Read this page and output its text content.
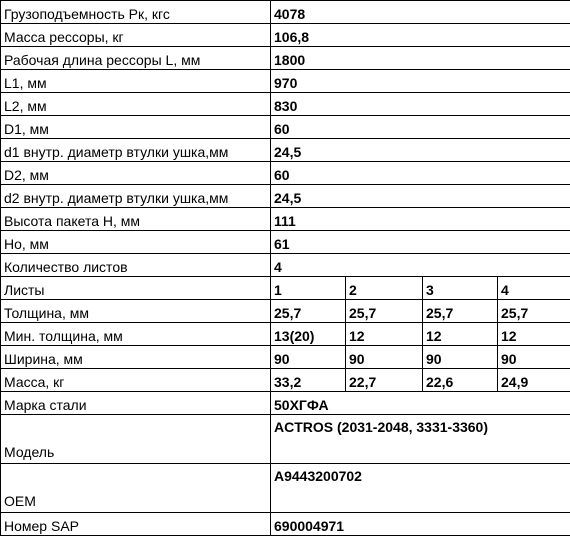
Грузоподъемность Pк, кгс	4078			
Масса рессоры, кг	106,8			
Рабочая длина рессоры L, мм	1800			
L1, мм	970			
L2, мм	830			
D1, мм	60			
d1 внутр. диаметр втулки ушка,мм	24,5			
D2, мм	60			
d2 внутр. диаметр втулки ушка,мм	24,5			
Высота пакета H, мм	111			
Hо, мм	61			
Количество листов	4			
Листы	1	2	3	4
Толщина, мм	25,7	25,7	25,7	25,7
Мин. толщина, мм	13(20)	12	12	12
Ширина, мм	90	90	90	90
Масса, кг	33,2	22,7	22,6	24,9
Марка стали	50ХГФА			
Модель	ACTROS (2031-2048, 3331-3360)			
OEM	A9443200702			
Номер SAP	690004971			
